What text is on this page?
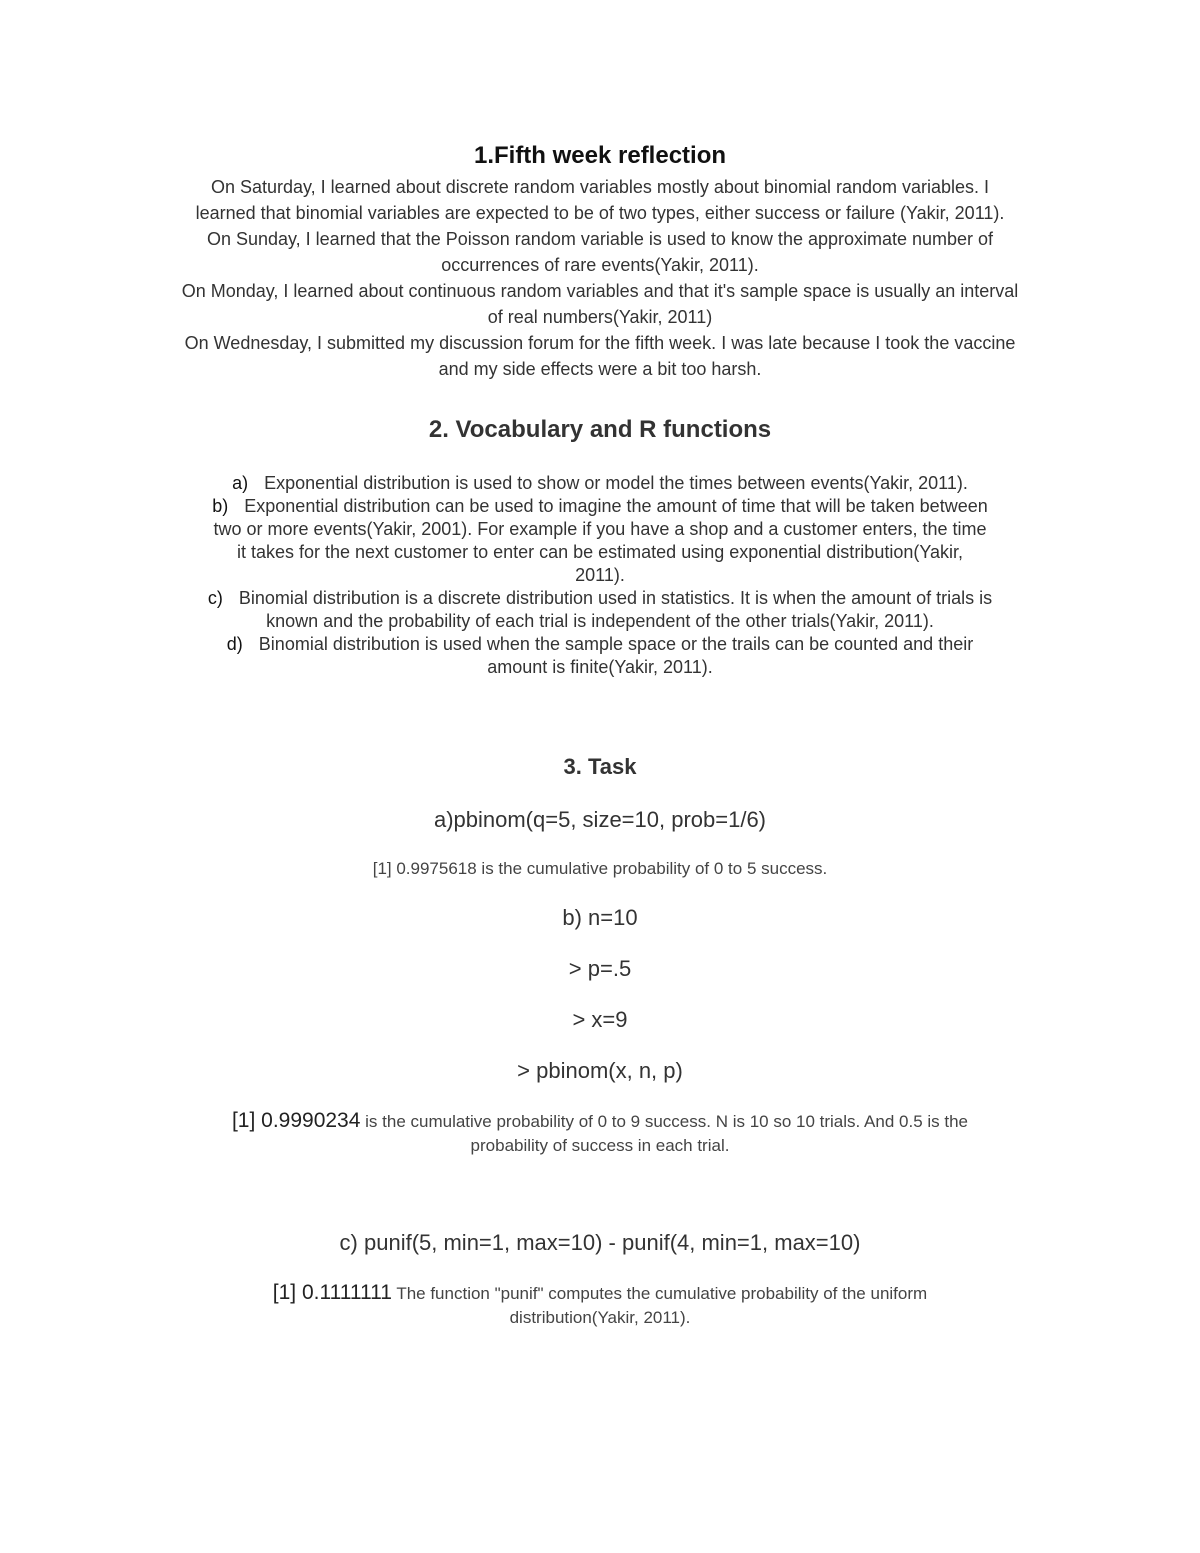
1.Fifth week reflection

On Saturday, I learned about discrete random variables mostly about binomial random variables. I

learned that binomial variables are expected to be of two types, either success or failure (Yakir, 2011).

On Sunday, I learned that the Poisson random variable is used to know the approximate number of

occurrences of rare events(Yakir, 2011).

On Monday, I learned about continuous random variables and that it's sample space is usually an interval

of real numbers(Yakir, 2011)

On Wednesday, I submitted my discussion forum for the fifth week. I was late because I took the vaccine

and my side effects were a bit too harsh.

2. Vocabulary and R functions
a) Exponential distribution is used to show or model the times between events(Yakir, 2011).
b) Exponential distribution can be used to imagine the amount of time that will be taken between
two or more events(Yakir, 2001). For example if you have a shop and a customer enters, the time
it takes for the next customer to enter can be estimated using exponential distribution(Yakir,
2011).
c) Binomial distribution is a discrete distribution used in statistics. It is when the amount of trials is
known and the probability of each trial is independent of the other trials(Yakir, 2011).
d) Binomial distribution is used when the sample space or the trails can be counted and their
amount is finite(Yakir, 2011).
3. Task
a)pbinom(q=5, size=10, prob=1/6)
[1] 0.9975618 is the cumulative probability of 0 to 5 success.
b) n=10
> p=.5
> x=9
> pbinom(x, n, p)
[1] 0.9990234 is the cumulative probability of 0 to 9 success. N is 10 so 10 trials. And 0.5 is the
probability of success in each trial.
c) punif(5, min=1, max=10) - punif(4, min=1, max=10)
[1] 0.1111111 The function "punif" computes the cumulative probability of the uniform
distribution(Yakir, 2011).
